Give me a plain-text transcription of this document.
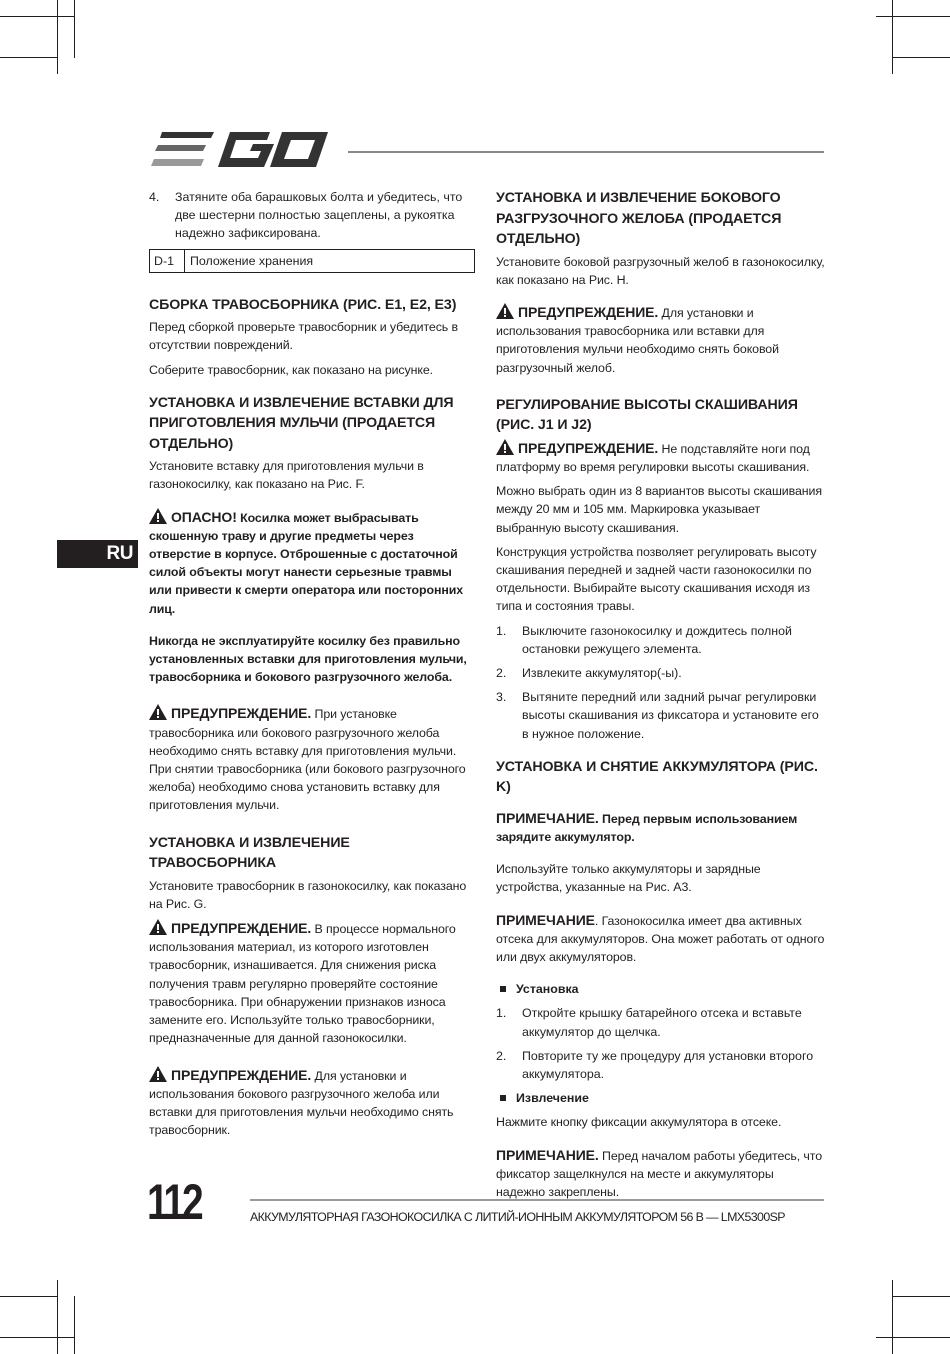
RU
4.	Затяните оба барашковых болта и убедитесь, что две шестерни полностью зацеплены, а рукоятка надежно зафиксирована.
D-1	Положение хранения
СБОРКА ТРАВОСБОРНИКА (РИС. E1, E2, E3)

Перед сборкой проверьте травосборник и убедитесь в отсутствии повреждений.

Соберите травосборник, как показано на рисунке.

УСТАНОВКА И ИЗВЛЕЧЕНИЕ ВСТАВКИ ДЛЯ ПРИГОТОВЛЕНИЯ МУЛЬЧИ (ПРОДАЕТСЯ ОТДЕЛЬНО)

Установите вставку для приготовления мульчи в газонокосилку, как показано на Рис. F.

ОПАСНО! Косилка может выбрасывать скошенную траву и другие предметы через отверстие в корпусе. Отброшенные с достаточной силой объекты могут нанести серьезные травмы или привести к смерти оператора или посторонних лиц.

Никогда не эксплуатируйте косилку без правильно установленных вставки для приготовления мульчи, травосборника и бокового разгрузочного желоба.

ПРЕДУПРЕЖДЕНИЕ. При установке травосборника или бокового разгрузочного желоба необходимо снять вставку для приготовления мульчи. При снятии травосборника (или бокового разгрузочного желоба) необходимо снова установить вставку для приготовления мульчи.

УСТАНОВКА И ИЗВЛЕЧЕНИЕ ТРАВОСБОРНИКА

Установите травосборник в газонокосилку, как показано на Рис. G.

ПРЕДУПРЕЖДЕНИЕ. В процессе нормального использования материал, из которого изготовлен травосборник, изнашивается. Для снижения риска получения травм регулярно проверяйте состояние травосборника. При обнаружении признаков износа замените его. Используйте только травосборники, предназначенные для данной газонокосилки.

ПРЕДУПРЕЖДЕНИЕ. Для установки и использования бокового разгрузочного желоба или вставки для приготовления мульчи необходимо снять травосборник.

УСТАНОВКА И ИЗВЛЕЧЕНИЕ БОКОВОГО РАЗГРУЗОЧНОГО ЖЕЛОБА (ПРОДАЕТСЯ ОТДЕЛЬНО)

Установите боковой разгрузочный желоб в газонокосилку, как показано на Рис. H.

ПРЕДУПРЕЖДЕНИЕ. Для установки и использования травосборника или вставки для приготовления мульчи необходимо снять боковой разгрузочный желоб.

РЕГУЛИРОВАНИЕ ВЫСОТЫ СКАШИВАНИЯ (РИС. J1 И J2)

ПРЕДУПРЕЖДЕНИЕ. Не подставляйте ноги под платформу во время регулировки высоты скашивания.

Можно выбрать один из 8 вариантов высоты скашивания между 20 мм и 105 мм. Маркировка указывает выбранную высоту скашивания.

Конструкция устройства позволяет регулировать высоту скашивания передней и задней части газонокосилки по отдельности. Выбирайте высоту скашивания исходя из типа и состояния травы.

1.	Выключите газонокосилку и дождитесь полной остановки режущего элемента.
2.	Извлеките аккумулятор(-ы).
3.	Вытяните передний или задний рычаг регулировки высоты скашивания из фиксатора и установите его в нужное положение.
УСТАНОВКА И СНЯТИЕ АККУМУЛЯТОРА (РИС. K)

ПРИМЕЧАНИЕ. Перед первым использованием зарядите аккумулятор.

Используйте только аккумуляторы и зарядные устройства, указанные на Рис. A3.

ПРИМЕЧАНИЕ. Газонокосилка имеет два активных отсека для аккумуляторов. Она может работать от одного или двух аккумуляторов.

Установка
1.	Откройте крышку батарейного отсека и вставьте аккумулятор до щелчка.
2.	Повторите ту же процедуру для установки второго аккумулятора.
Извлечение

Нажмите кнопку фиксации аккумулятора в отсеке.

ПРИМЕЧАНИЕ. Перед началом работы убедитесь, что фиксатор защелкнулся на месте и аккумуляторы надежно закреплены.

112	АККУМУЛЯТОРНАЯ ГАЗОНОКОСИЛКА С ЛИТИЙ-ИОННЫМ АККУМУЛЯТОРОМ 56 В — LMX5300SP
